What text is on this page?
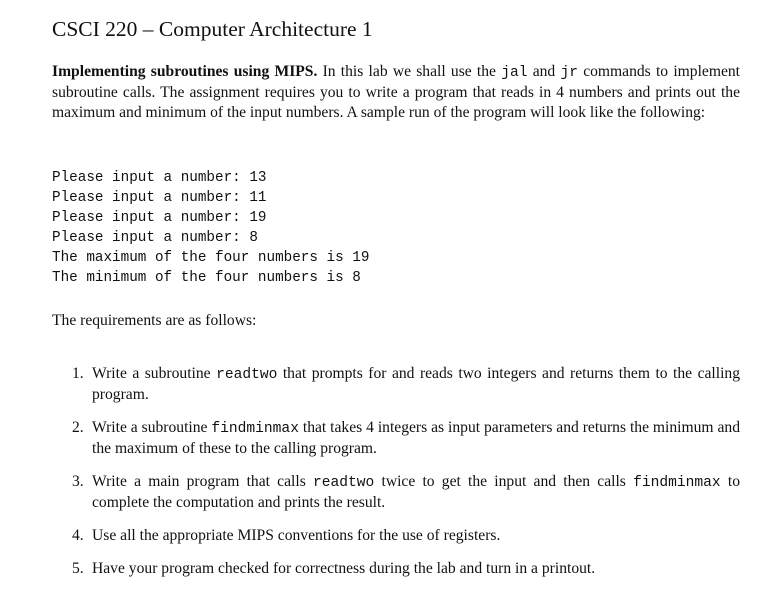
CSCI 220 – Computer Architecture 1

Implementing subroutines using MIPS. In this lab we shall use the jal and jr commands to implement subroutine calls. The assignment requires you to write a program that reads in 4 numbers and prints out the maximum and minimum of the input numbers. A sample run of the program will look like the following:

Please input a number: 13
Please input a number: 11
Please input a number: 19
Please input a number: 8
The maximum of the four numbers is 19
The minimum of the four numbers is 8
The requirements are as follows:
1. Write a subroutine readtwo that prompts for and reads two integers and returns them to the calling program.
2. Write a subroutine findminmax that takes 4 integers as input parameters and returns the minimum and the maximum of these to the calling program.
3. Write a main program that calls readtwo twice to get the input and then calls findminmax to complete the computation and prints the result.
4. Use all the appropriate MIPS conventions for the use of registers.
5. Have your program checked for correctness during the lab and turn in a printout.
